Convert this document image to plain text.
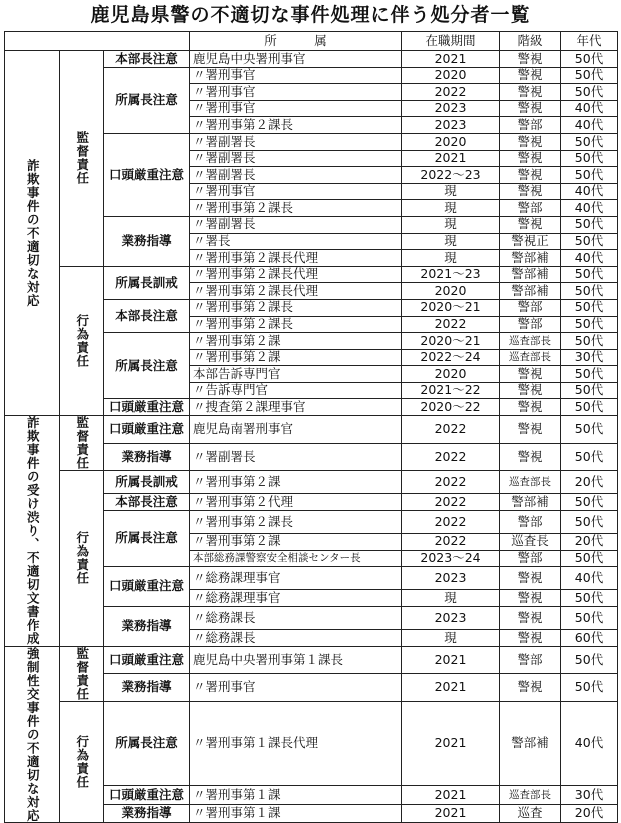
鹿児島県警の不適切な事件処理に伴う処分者一覧
			所　　　属	在職期間	階級	年代
詐欺事件の不適切な対応	監督責任	本部長注意	鹿児島中央署刑事官	2021	警視	50代
		所属長注意	〃署刑事官	2020	警視	50代
			〃署刑事官	2022	警視	50代
			〃署刑事官	2023	警視	40代
			〃署刑事第２課長	2023	警部	40代
		口頭厳重注意	〃署副署長	2020	警視	50代
			〃署副署長	2021	警視	50代
			〃署副署長	2022〜23	警視	50代
			〃署刑事官	現	警視	40代
			〃署刑事第２課長	現	警部	40代
		業務指導	〃署副署長	現	警視	50代
			〃署長	現	警視正	50代
			〃署刑事第２課長代理	現	警部補	40代
	行為責任	所属長訓戒	〃署刑事第２課長代理	2021〜23	警部補	50代
			〃署刑事第２課長代理	2020	警部補	50代
		本部長注意	〃署刑事第２課長	2020〜21	警部	50代
			〃署刑事第２課長	2022	警部	50代
		所属長注意	〃署刑事第２課	2020〜21	巡査部長	50代
			〃署刑事第２課	2022〜24	巡査部長	30代
			本部告訴専門官	2020	警視	50代
			〃告訴専門官	2021〜22	警視	50代
		口頭厳重注意	〃捜査第２課理事官	2020〜22	警視	50代
詐欺事件の受け渋り、不適切文書作成	監督責任	口頭厳重注意	鹿児島南署刑事官	2022	警視	50代
		業務指導	〃署副署長	2022	警視	50代
	行為責任	所属長訓戒	〃署刑事第２課	2022	巡査部長	20代
		本部長注意	〃署刑事第２代理	2022	警部補	50代
		所属長注意	〃署刑事第２課長	2022	警部	50代
			〃署刑事第２課	2022	巡査長	20代
			本部総務課警察安全相談センター長	2023〜24	警部	50代
		口頭厳重注意	〃総務課理事官	2023	警視	40代
			〃総務課理事官	現	警視	50代
		業務指導	〃総務課長	2023	警視	50代
			〃総務課長	現	警視	60代
強制性交事件の不適切な対応	監督責任	口頭厳重注意	鹿児島中央署刑事第１課長	2021	警部	50代
		業務指導	〃署刑事官	2021	警視	50代
	行為責任	所属長注意	〃署刑事第１課長代理	2021	警部補	40代
		口頭厳重注意	〃署刑事第１課	2021	巡査部長	30代
		業務指導	〃署刑事第１課	2021	巡査	20代
